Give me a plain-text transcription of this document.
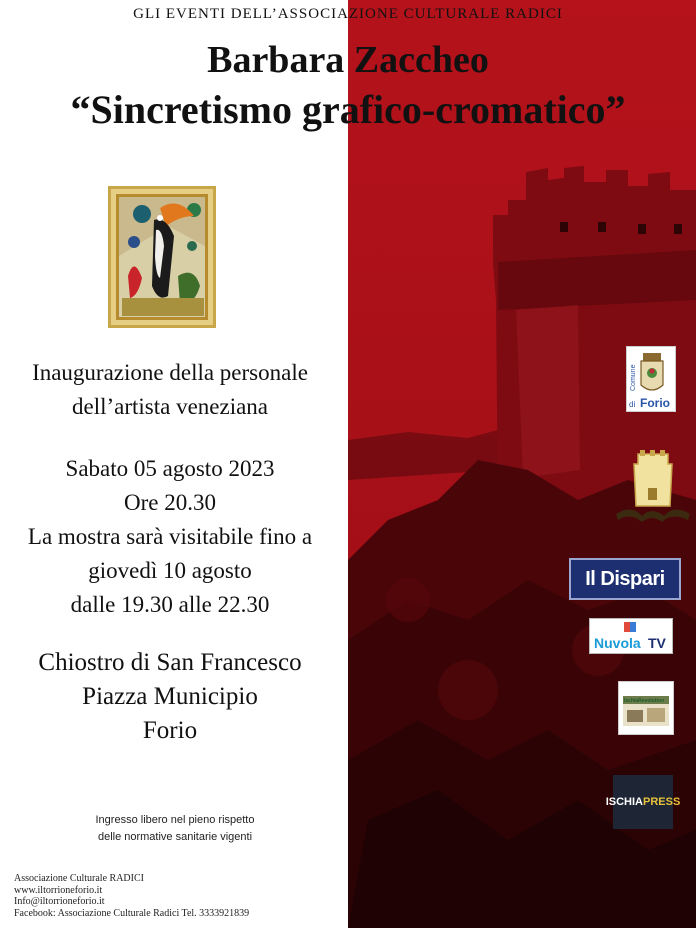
GLI EVENTI DELL’ASSOCIAZIONE CULTURALE RADICI
Barbara Zaccheo
“Sincretismo grafico-cromatico”
Inaugurazione della personale
dell’artista veneziana
Sabato 05 agosto 2023
Ore 20.30
La mostra sarà visitabile fino a
giovedì 10 agosto
dalle 19.30 alle 22.30
Chiostro di San Francesco
Piazza Municipio
Forio
Ingresso libero nel pieno rispetto
delle normative sanitarie vigenti
Associazione Culturale RADICI
www.iltorrioneforio.it
Info@iltorrioneforio.it
Facebook: Associazione Culturale Radici Tel. 3333921839
Comune
di Forio
Il Dispari
Nuvola TV
IschiaRevolution
ISCHIA PRESS
